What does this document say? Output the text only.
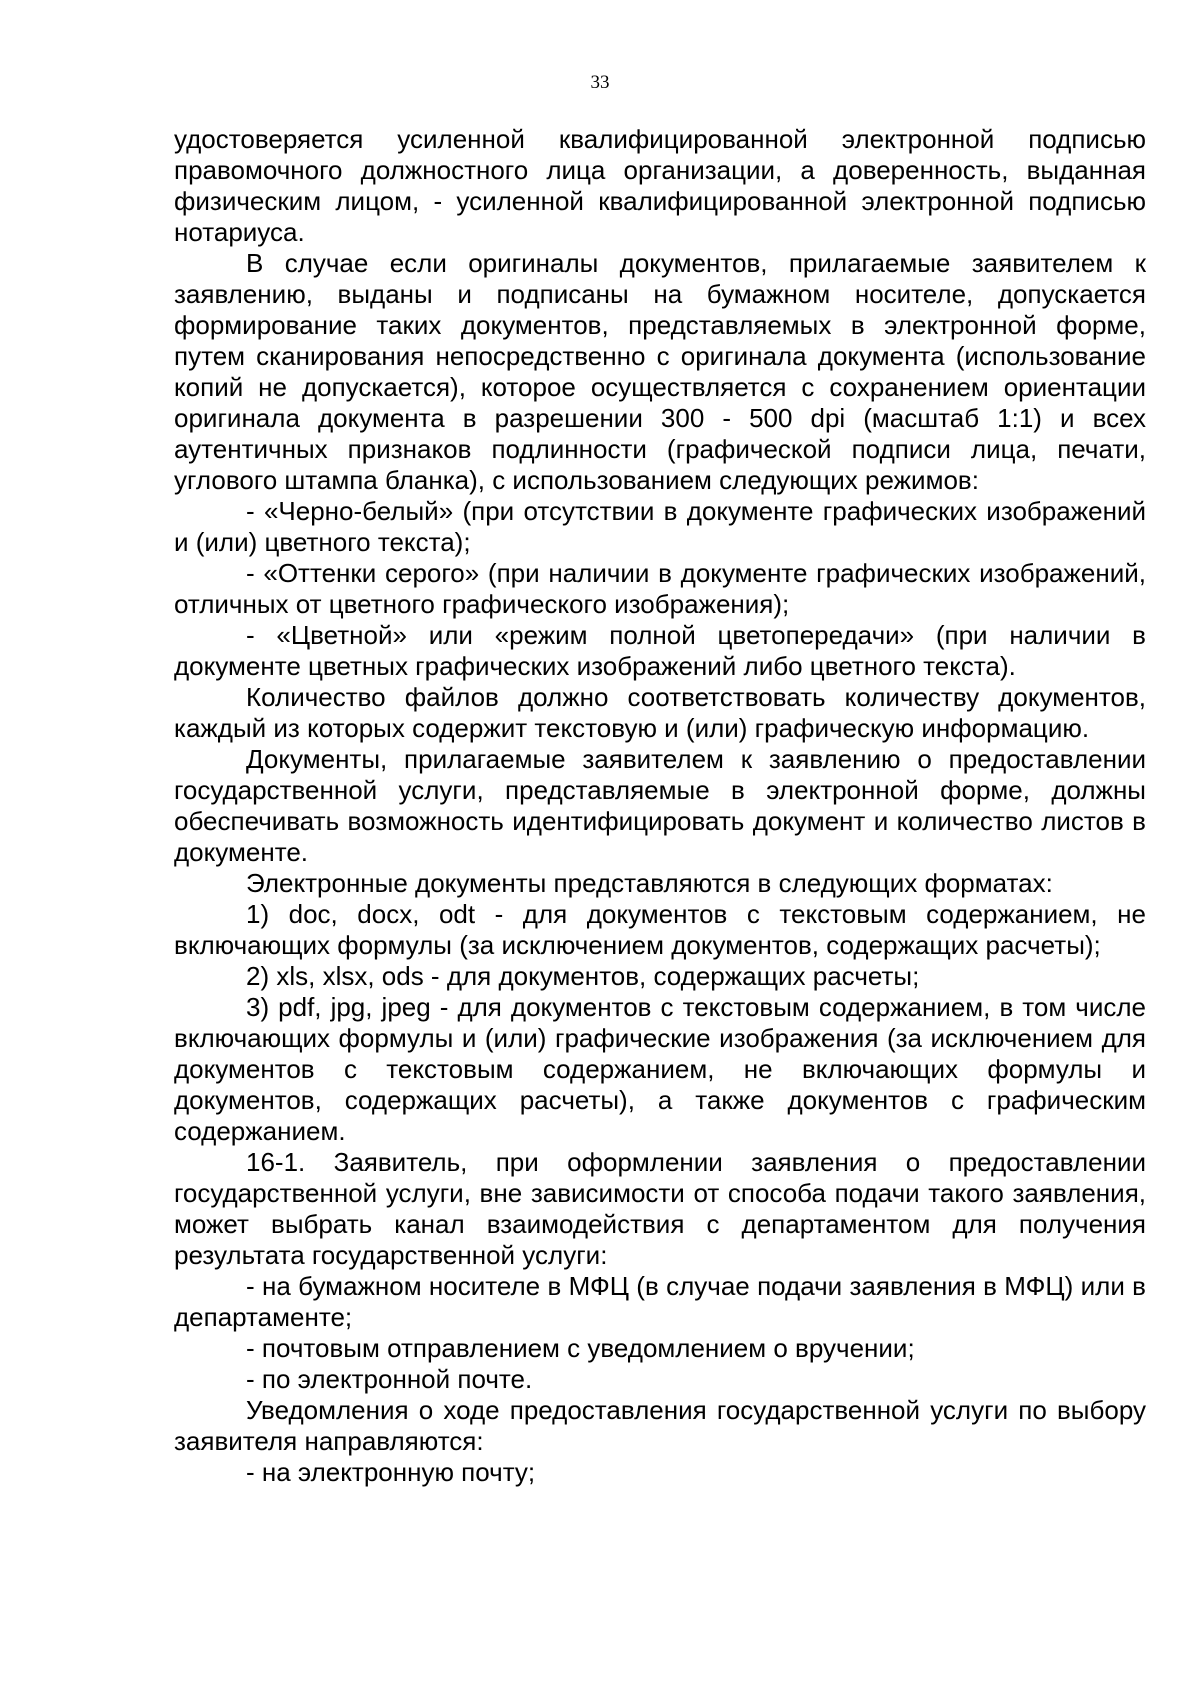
33

удостоверяется усиленной квалифицированной электронной подписью правомочного должностного лица организации, а доверенность, выданная физическим лицом, - усиленной квалифицированной электронной подписью нотариуса.

В случае если оригиналы документов, прилагаемые заявителем к заявлению, выданы и подписаны на бумажном носителе, допускается формирование таких документов, представляемых в электронной форме, путем сканирования непосредственно с оригинала документа (использование копий не допускается), которое осуществляется с сохранением ориентации оригинала документа в разрешении 300 - 500 dpi (масштаб 1:1) и всех аутентичных признаков подлинности (графической подписи лица, печати, углового штампа бланка), с использованием следующих режимов:

- «Черно-белый» (при отсутствии в документе графических изображений и (или) цветного текста);

- «Оттенки серого» (при наличии в документе графических изображений, отличных от цветного графического изображения);

- «Цветной» или «режим полной цветопередачи» (при наличии в документе цветных графических изображений либо цветного текста).

Количество файлов должно соответствовать количеству документов, каждый из которых содержит текстовую и (или) графическую информацию.

Документы, прилагаемые заявителем к заявлению о предоставлении государственной услуги, представляемые в электронной форме, должны обеспечивать возможность идентифицировать документ и количество листов в документе.

Электронные документы представляются в следующих форматах:

1) doc, docx, odt - для документов с текстовым содержанием, не включающих формулы (за исключением документов, содержащих расчеты);

2) xls, xlsx, ods - для документов, содержащих расчеты;

3) pdf, jpg, jpeg - для документов с текстовым содержанием, в том числе включающих формулы и (или) графические изображения (за исключением для документов с текстовым содержанием, не включающих формулы и документов, содержащих расчеты), а также документов с графическим содержанием.

16-1. Заявитель, при оформлении заявления о предоставлении государственной услуги, вне зависимости от способа подачи такого заявления, может выбрать канал взаимодействия с департаментом для получения результата государственной услуги:

- на бумажном носителе в МФЦ (в случае подачи заявления в МФЦ) или в департаменте;

- почтовым отправлением с уведомлением о вручении;

- по электронной почте.

Уведомления о ходе предоставления государственной услуги по выбору заявителя направляются:

- на электронную почту;
